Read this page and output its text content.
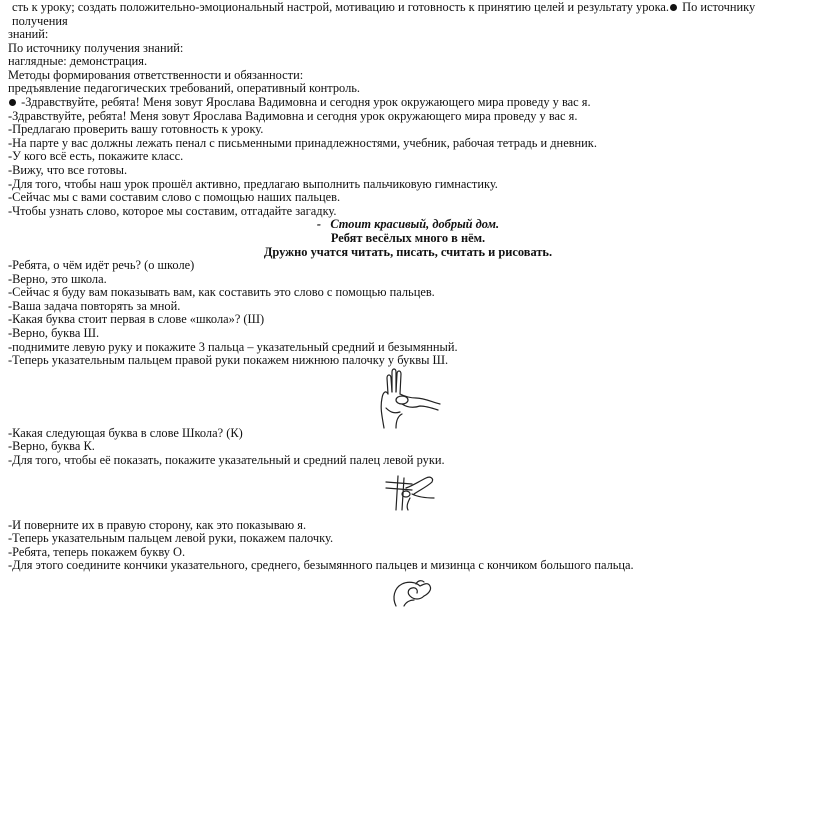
сть к уроку; создать положительно-эмоциональный настрой, мотивацию и готовность к принятию целей и результату урока. По источнику получения
знаний:
По источнику получения знаний:
наглядные: демонстрация.
Методы формирования ответственности и обязанности:
предъявление педагогических требований, оперативный контроль.
-Здравствуйте, ребята! Меня зовут Ярослава Вадимовна и сегодня урок окружающего мира проведу у вас я.
-Здравствуйте, ребята! Меня зовут Ярослава Вадимовна и сегодня урок окружающего мира проведу у вас я.
-Предлагаю проверить вашу готовность к уроку.
-На парте у вас должны лежать пенал с письменными принадлежностями, учебник, рабочая тетрадь и дневник.
-У кого всё есть, покажите класс.
-Вижу, что все готовы.
-Для того, чтобы наш урок прошёл активно, предлагаю выполнить пальчиковую гимнастику.
-Сейчас мы с вами составим слово с помощью наших пальцев.
-Чтобы узнать слово, которое мы составим, отгадайте загадку.
- Стоит красивый, добрый дом.
Ребят весёлых много в нём.
Дружно учатся читать, писать, считать и рисовать.
-Ребята, о чём идёт речь? (о школе)
-Верно, это школа.
-Сейчас я буду вам показывать вам, как составить это слово с помощью пальцев.
-Ваша задача повторять за мной.
-Какая буква стоит первая в слове «школа»? (Ш)
-Верно, буква Ш.
-поднимите левую руку и покажите 3 пальца – указательный средний и безымянный.
-Теперь указательным пальцем правой руки покажем нижнюю палочку у буквы Ш.
-Какая следующая буква в слове Школа? (К)
-Верно, буква К.
-Для того, чтобы её показать, покажите указательный и средний палец левой руки.
-И поверните их в правую сторону, как это показываю я.
-Теперь указательным пальцем левой руки, покажем палочку.
-Ребята, теперь покажем букву О.
-Для этого соедините кончики указательного, среднего, безымянного пальцев и мизинца с кончиком большого пальца.
